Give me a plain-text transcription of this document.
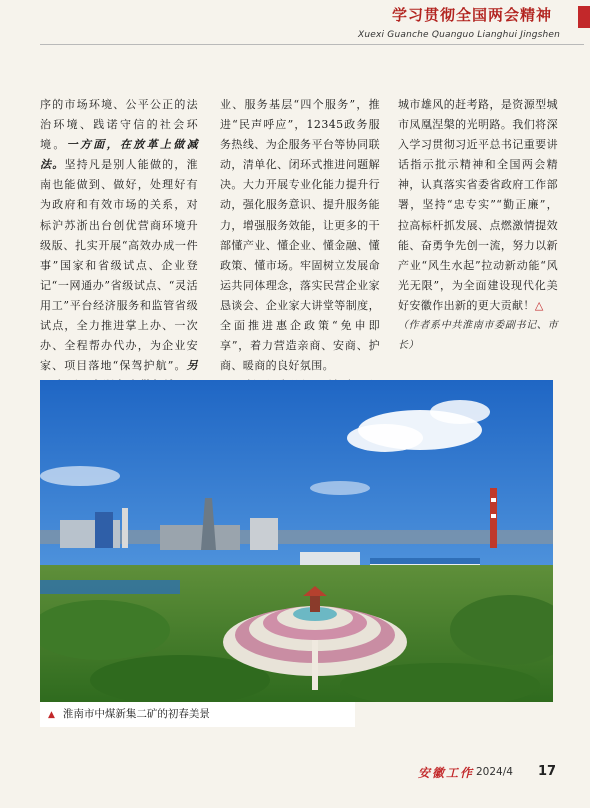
学习贯彻全国两会精神
Xuexi Guanche Quanguo Lianghui Jingshen

序的市场环境、公平公正的法治环境、践诺守信的社会环境。一方面，在放革上做减法。坚持凡是别人能做的，淮南也能做到、做好，处理好有为政府和有效市场的关系，对标沪苏浙出台创优营商环境升级版、扎实开展“高效办成一件事”国家和省级试点、企业登记“一网通办”省级试点、“灵活用工”平台经济服务和监管省级试点，全力推进掌上办、一次办、全程帮办代办，为企业安家、项目落地“保驾护航”。另

业、服务基层“四个服务”，推进“民声呼应”，12345政务服务热线、为企服务平台等协同联动，清单化、闭环式推进问题解决。大力开展专业化能力提升行动，强化服务意识、提升服务能力，增强服务效能，让更多的干部懂产业、懂企业、懂金融、懂政策、懂市场。牢固树立发展命运共同体理念，落实民营企业家恳谈会、企业家大讲堂等制度，全面推进惠企政策“免申即享”，着力营造亲商、安商、护商、暖商的良好氛围。

城市雄风的赶考路，是资源型城市凤凰涅槃的光明路。我们将深入学习贯彻习近平总书记重要讲话指示批示精神和全国两会精神，认真落实省委省政府工作部署，坚持“忠专实”“勤正廉”，拉高标杆抓发展、点燃激情提效能、奋勇争先创一流，努力以新产业“风生水起”拉动新动能“风光无限”，为全面建设现代化美好安徽作出新的更大贡献！△

（作者系中共淮南市委副书记、市长）

▲ 淮南市中煤新集二矿的初春美景
安徽工作 2024/4 17
